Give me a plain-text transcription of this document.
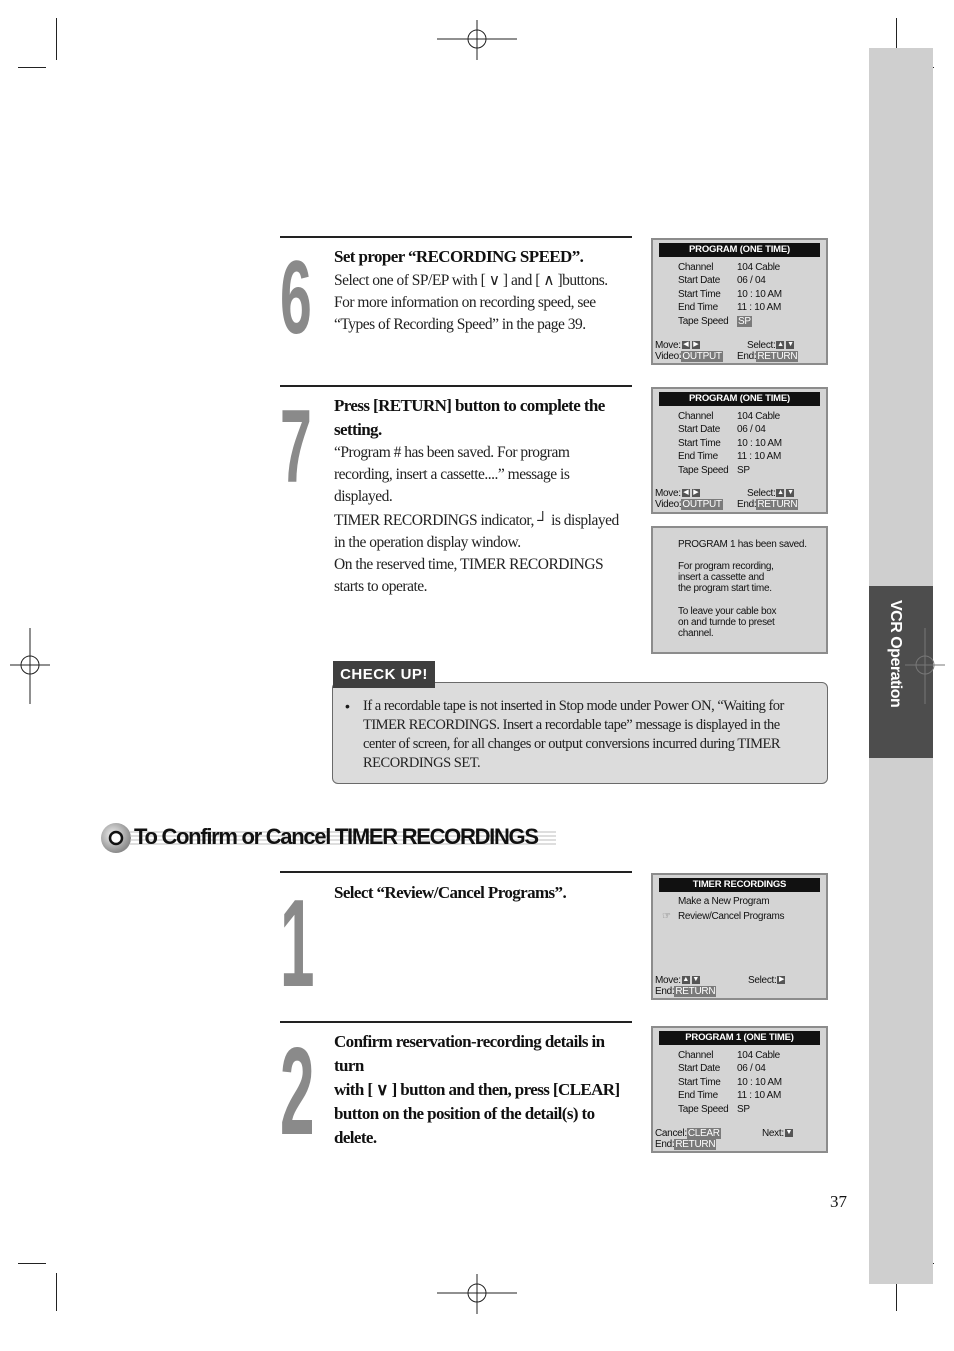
VCR Operation
6 Set proper “RECORDING SPEED”.
Select one of SP/EP with [ ∨ ] and [ ∧ ]buttons.
For more information on recording speed, see
“Types of Recording Speed” in the page 39.
PROGRAM (ONE TIME)
Channel 104 Cable
Start Date 06 / 04
Start Time 10 : 10 AM
End Time 11 : 10 AM
Tape Speed SP
Move: ◀ ▶	Select: ▲ ▼
Video:OUTPUT End:RETURN
7 Press [RETURN] button to complete the
setting.
“Program # has been saved. For program
recording, insert a cassette....” message is
displayed.
TIMER RECORDINGS indicator, ┘ is displayed
in the operation display window.
On the reserved time, TIMER RECORDINGS
starts to operate.
PROGRAM (ONE TIME)
Channel 104 Cable
Start Date 06 / 04
Start Time 10 : 10 AM
End Time 11 : 10 AM
Tape Speed SP
Move: ◀ ▶	Select: ▲ ▼
Video:OUTPUT End:RETURN
PROGRAM 1 has been saved.
For program recording,
insert a cassette and
the program start time.
To leave your cable box
on and turnde to preset
channel.
CHECK UP!
• If a recordable tape is not inserted in Stop mode under Power ON, “Waiting for TIMER RECORDINGS. Insert a recordable tape” message is displayed in the center of screen, for all changes or output conversions incurred during TIMER RECORDINGS SET.
To Confirm or Cancel TIMER RECORDINGS
1 Select “Review/Cancel Programs”.	TIMER RECORDINGS
Make a New Program
☞ Review/Cancel Programs
Move: ▲ ▼	Select: ▶
End:RETURN
2 Confirm reservation-recording details in turn
with [ ∨ ] button and then, press [CLEAR]
button on the position of the detail(s) to
delete.
PROGRAM 1 (ONE TIME)
Channel 104 Cable
Start Date 06 / 04
Start Time 10 : 10 AM
End Time 11 : 10 AM
Tape Speed SP
Cancel:CLEAR	Next: ▼
End:RETURN
37
